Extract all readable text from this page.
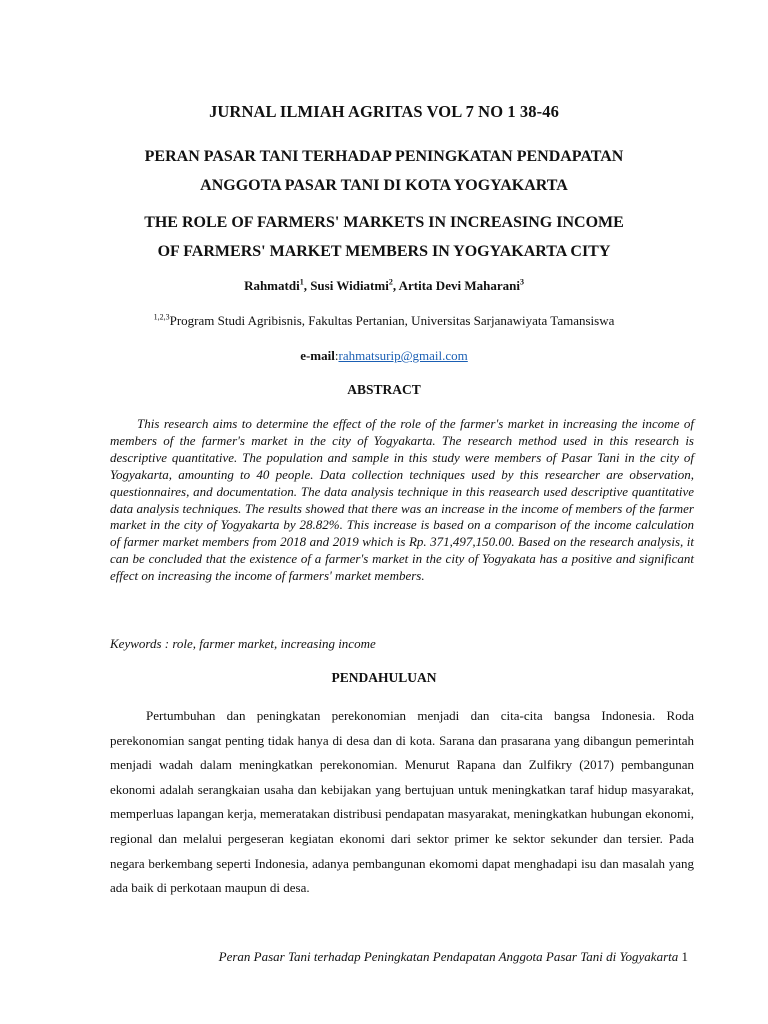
JURNAL ILMIAH AGRITAS VOL 7 NO 1 38-46

PERAN PASAR TANI TERHADAP PENINGKATAN PENDAPATAN
ANGGOTA PASAR TANI DI KOTA YOGYAKARTA

THE ROLE OF FARMERS' MARKETS IN INCREASING INCOME
OF FARMERS' MARKET MEMBERS IN YOGYAKARTA CITY

Rahmatdi$^1$, Susi Widiatmi$^2$, Artita Devi Maharani$^3$

$^{1,2,3}$Program Studi Agribisnis, Fakultas Pertanian, Universitas Sarjanawiyata Tamansiswa

e-mail:rahmatsurip@gmail.com

ABSTRACT

This research aims to determine the effect of the role of the farmer's market in increasing the income of members of the farmer's market in the city of Yogyakarta. The research method used in this research is descriptive quantitative. The population and sample in this study were members of Pasar Tani in the city of Yogyakarta, amounting to 40 people. Data collection techniques used by this researcher are observation, questionnaires, and documentation. The data analysis technique in this reasearch used descriptive quantitative data analysis techniques. The results showed that there was an increase in the income of members of the farmer market in the city of Yogyakarta by 28.82%. This increase is based on a comparison of the income calculation of farmer market members from 2018 and 2019 which is Rp. 371,497,150.00. Based on the research analysis, it can be concluded that the existence of a farmer's market in the city of Yogyakata has a positive and significant effect on increasing the income of farmers' market members.

Keywords : role, farmer market, increasing income

PENDAHULUAN

Pertumbuhan dan peningkatan perekonomian menjadi dan cita-cita bangsa Indonesia. Roda perekonomian sangat penting tidak hanya di desa dan di kota. Sarana dan prasarana yang dibangun pemerintah menjadi wadah dalam meningkatkan perekonomian. Menurut Rapana dan Zulfikry (2017) pembangunan ekonomi adalah serangkaian usaha dan kebijakan yang bertujuan untuk meningkatkan taraf hidup masyarakat, memperluas lapangan kerja, memeratakan distribusi pendapatan masyarakat, meningkatkan hubungan ekonomi, regional dan melalui pergeseran kegiatan ekonomi dari sektor primer ke sektor sekunder dan tersier. Pada negara berkembang seperti Indonesia, adanya pembangunan ekomomi dapat menghadapi isu dan masalah yang ada baik di perkotaan maupun di desa.

Peran Pasar Tani terhadap Peningkatan Pendapatan Anggota Pasar Tani di Yogyakarta 1
